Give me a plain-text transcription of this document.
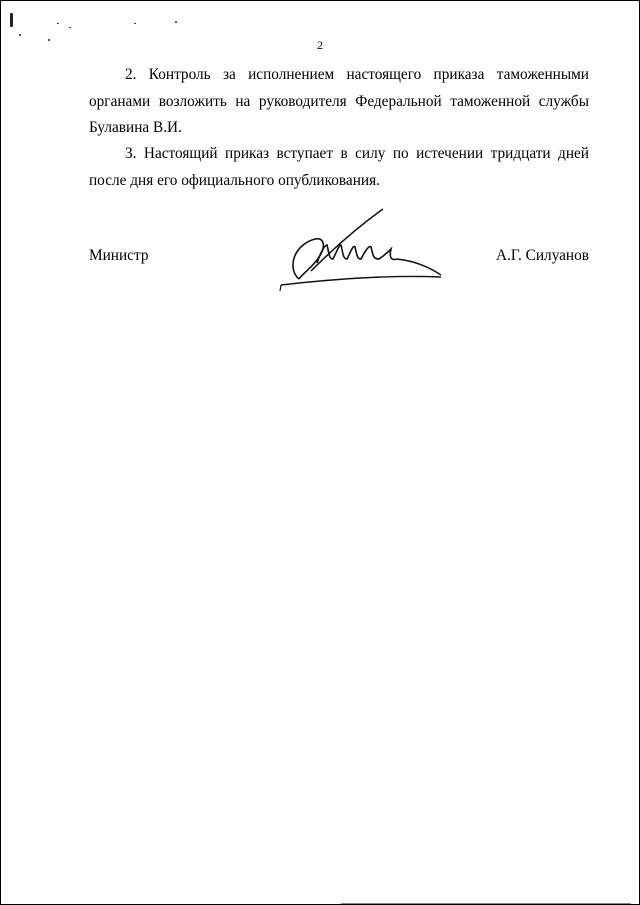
2

2. Контроль за исполнением настоящего приказа таможенными органами возложить на руководителя Федеральной таможенной службы Булавина В.И.

3. Настоящий приказ вступает в силу по истечении тридцати дней после дня его официального опубликования.

Министр	А.Г. Силуанов
